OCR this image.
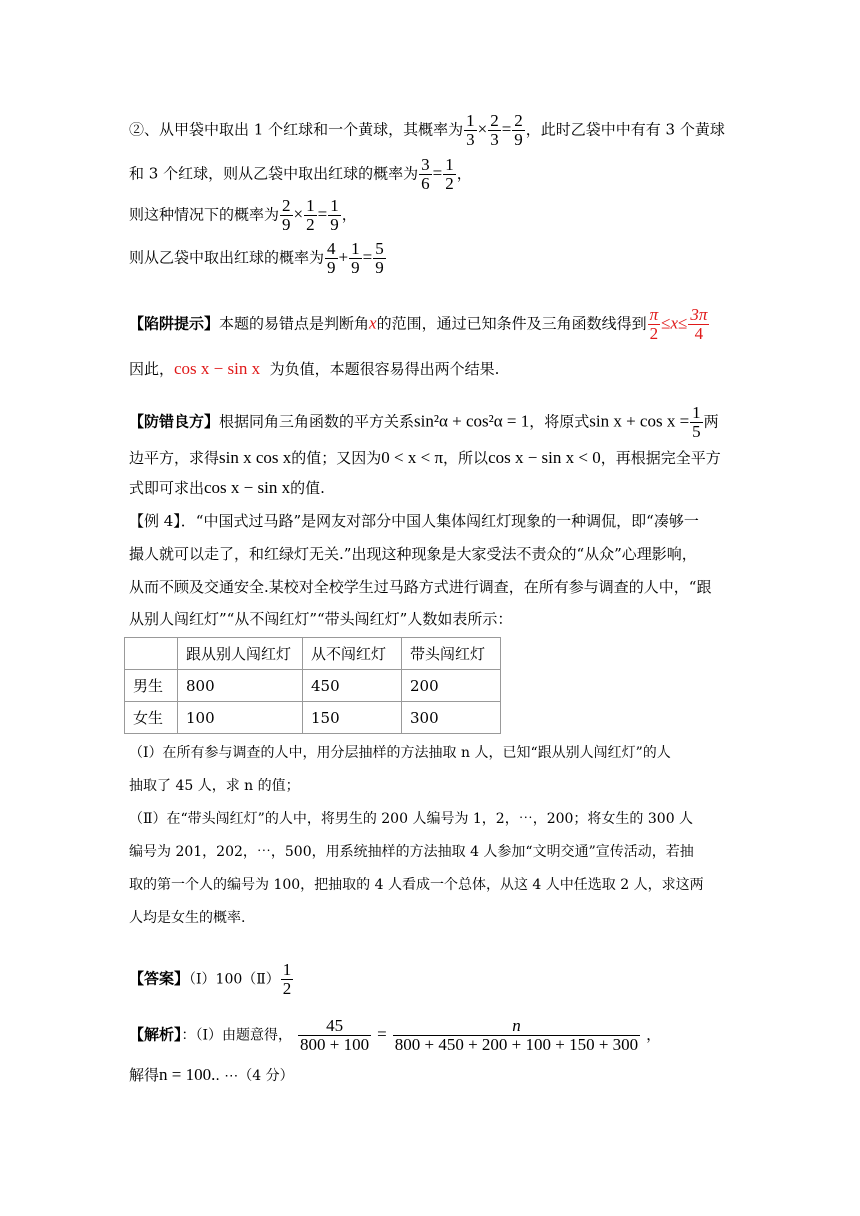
②、从甲袋中取出 1 个红球和一个黄球，其概率为 $\frac{1}{3} \times \frac{2}{3} = \frac{2}{9}$ ，此时乙袋中中有有 3 个黄球
和 3 个红球，则从乙袋中取出红球的概率为 $\frac{3}{6} = \frac{1}{2}$ ，
则这种情况下的概率为 $\frac{2}{9} \times \frac{1}{2} = \frac{1}{9}$ ，
则从乙袋中取出红球的概率为 $\frac{4}{9} + \frac{1}{9} = \frac{5}{9}$
【陷阱提示】本题的易错点是判断角x的范围，通过已知条件及三角函数线得到 $\frac{\pi}{2} \le x\le \frac{3\pi}{4}$
因此，cos x − sin x 为负值，本题很容易得出两个结果.
【防错良方】根据同角三角函数的平方关系sin²α + cos²α = 1，将原式$\sin x + \cos x = \frac{1}{5}$ 两
边平方，求得sin x cos x的值；又因为0 < x < π，所以cos x − sin x < 0，再根据完全平方
式即可求出cos x − sin x的值.
【例 4】．“中国式过马路”是网友对部分中国人集体闯红灯现象的一种调侃，即“凑够一
撮人就可以走了，和红绿灯无关.”出现这种现象是大家受法不责众的“从众”心理影响，
从而不顾及交通安全.某校对全校学生过马路方式进行调查，在所有参与调查的人中，“跟
从别人闯红灯”“从不闯红灯”“带头闯红灯”人数如表所示：
	跟从别人闯红灯	从不闯红灯	带头闯红灯
男生	800	450	200
女生	100	150	300
（Ⅰ）在所有参与调查的人中，用分层抽样的方法抽取 n 人，已知“跟从别人闯红灯”的人
抽取了 45 人，求 n 的值；
（Ⅱ）在“带头闯红灯”的人中，将男生的 200 人编号为 1，2，⋯，200；将女生的 300 人
编号为 201，202，⋯，500，用系统抽样的方法抽取 4 人参加“文明交通”宣传活动，若抽
取的第一个人的编号为 100，把抽取的 4 人看成一个总体，从这 4 人中任选取 2 人，求这两
人均是女生的概率.
【答案】（Ⅰ）100（Ⅱ） $\frac{1}{2}$
【解析】：（I）由题意得， $\frac{45}{800 + 100} = \frac{n}{800 + 450 + 200 + 100 + 150 + 300}$ ，
解得n = 100.. ⋯（4 分）
